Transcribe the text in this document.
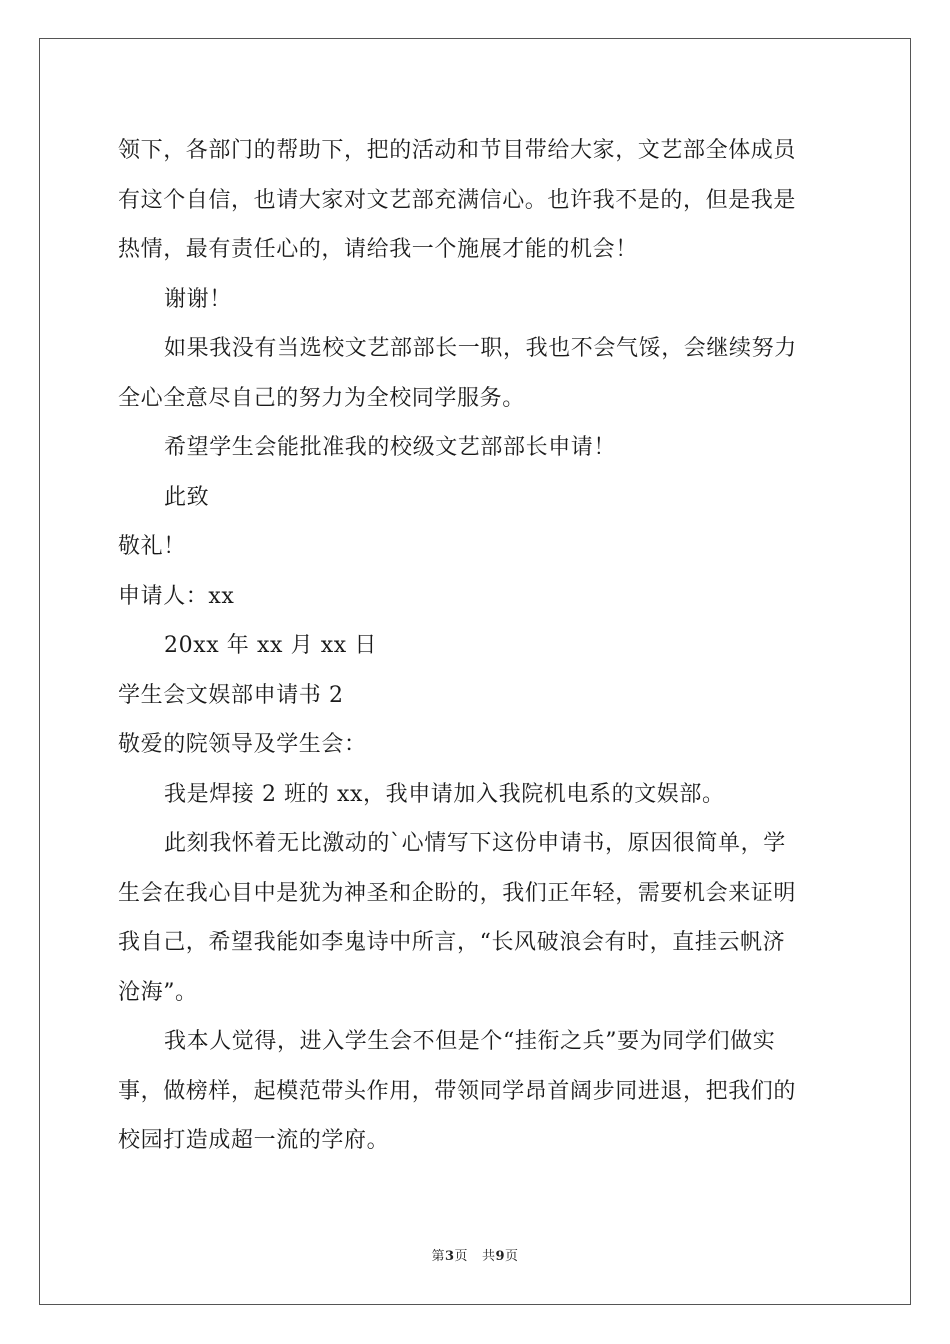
领下，各部门的帮助下，把的活动和节目带给大家，文艺部全体成员
有这个自信，也请大家对文艺部充满信心。也许我不是的，但是我是
热情，最有责任心的，请给我一个施展才能的机会！
谢谢！
如果我没有当选校文艺部部长一职，我也不会气馁，会继续努力
全心全意尽自己的努力为全校同学服务。
希望学生会能批准我的校级文艺部部长申请！
此致
敬礼！
申请人：xx
20xx 年 xx 月 xx 日
学生会文娱部申请书 2
敬爱的院领导及学生会：
我是焊接 2 班的 xx，我申请加入我院机电系的文娱部。
此刻我怀着无比激动的`心情写下这份申请书，原因很简单，学
生会在我心目中是犹为神圣和企盼的，我们正年轻，需要机会来证明
我自己，希望我能如李鬼诗中所言，“长风破浪会有时，直挂云帆济
沧海”。
我本人觉得，进入学生会不但是个“挂衔之兵”要为同学们做实
事，做榜样，起模范带头作用，带领同学昂首阔步同进退，把我们的
校园打造成超一流的学府。
第3页 共9页
